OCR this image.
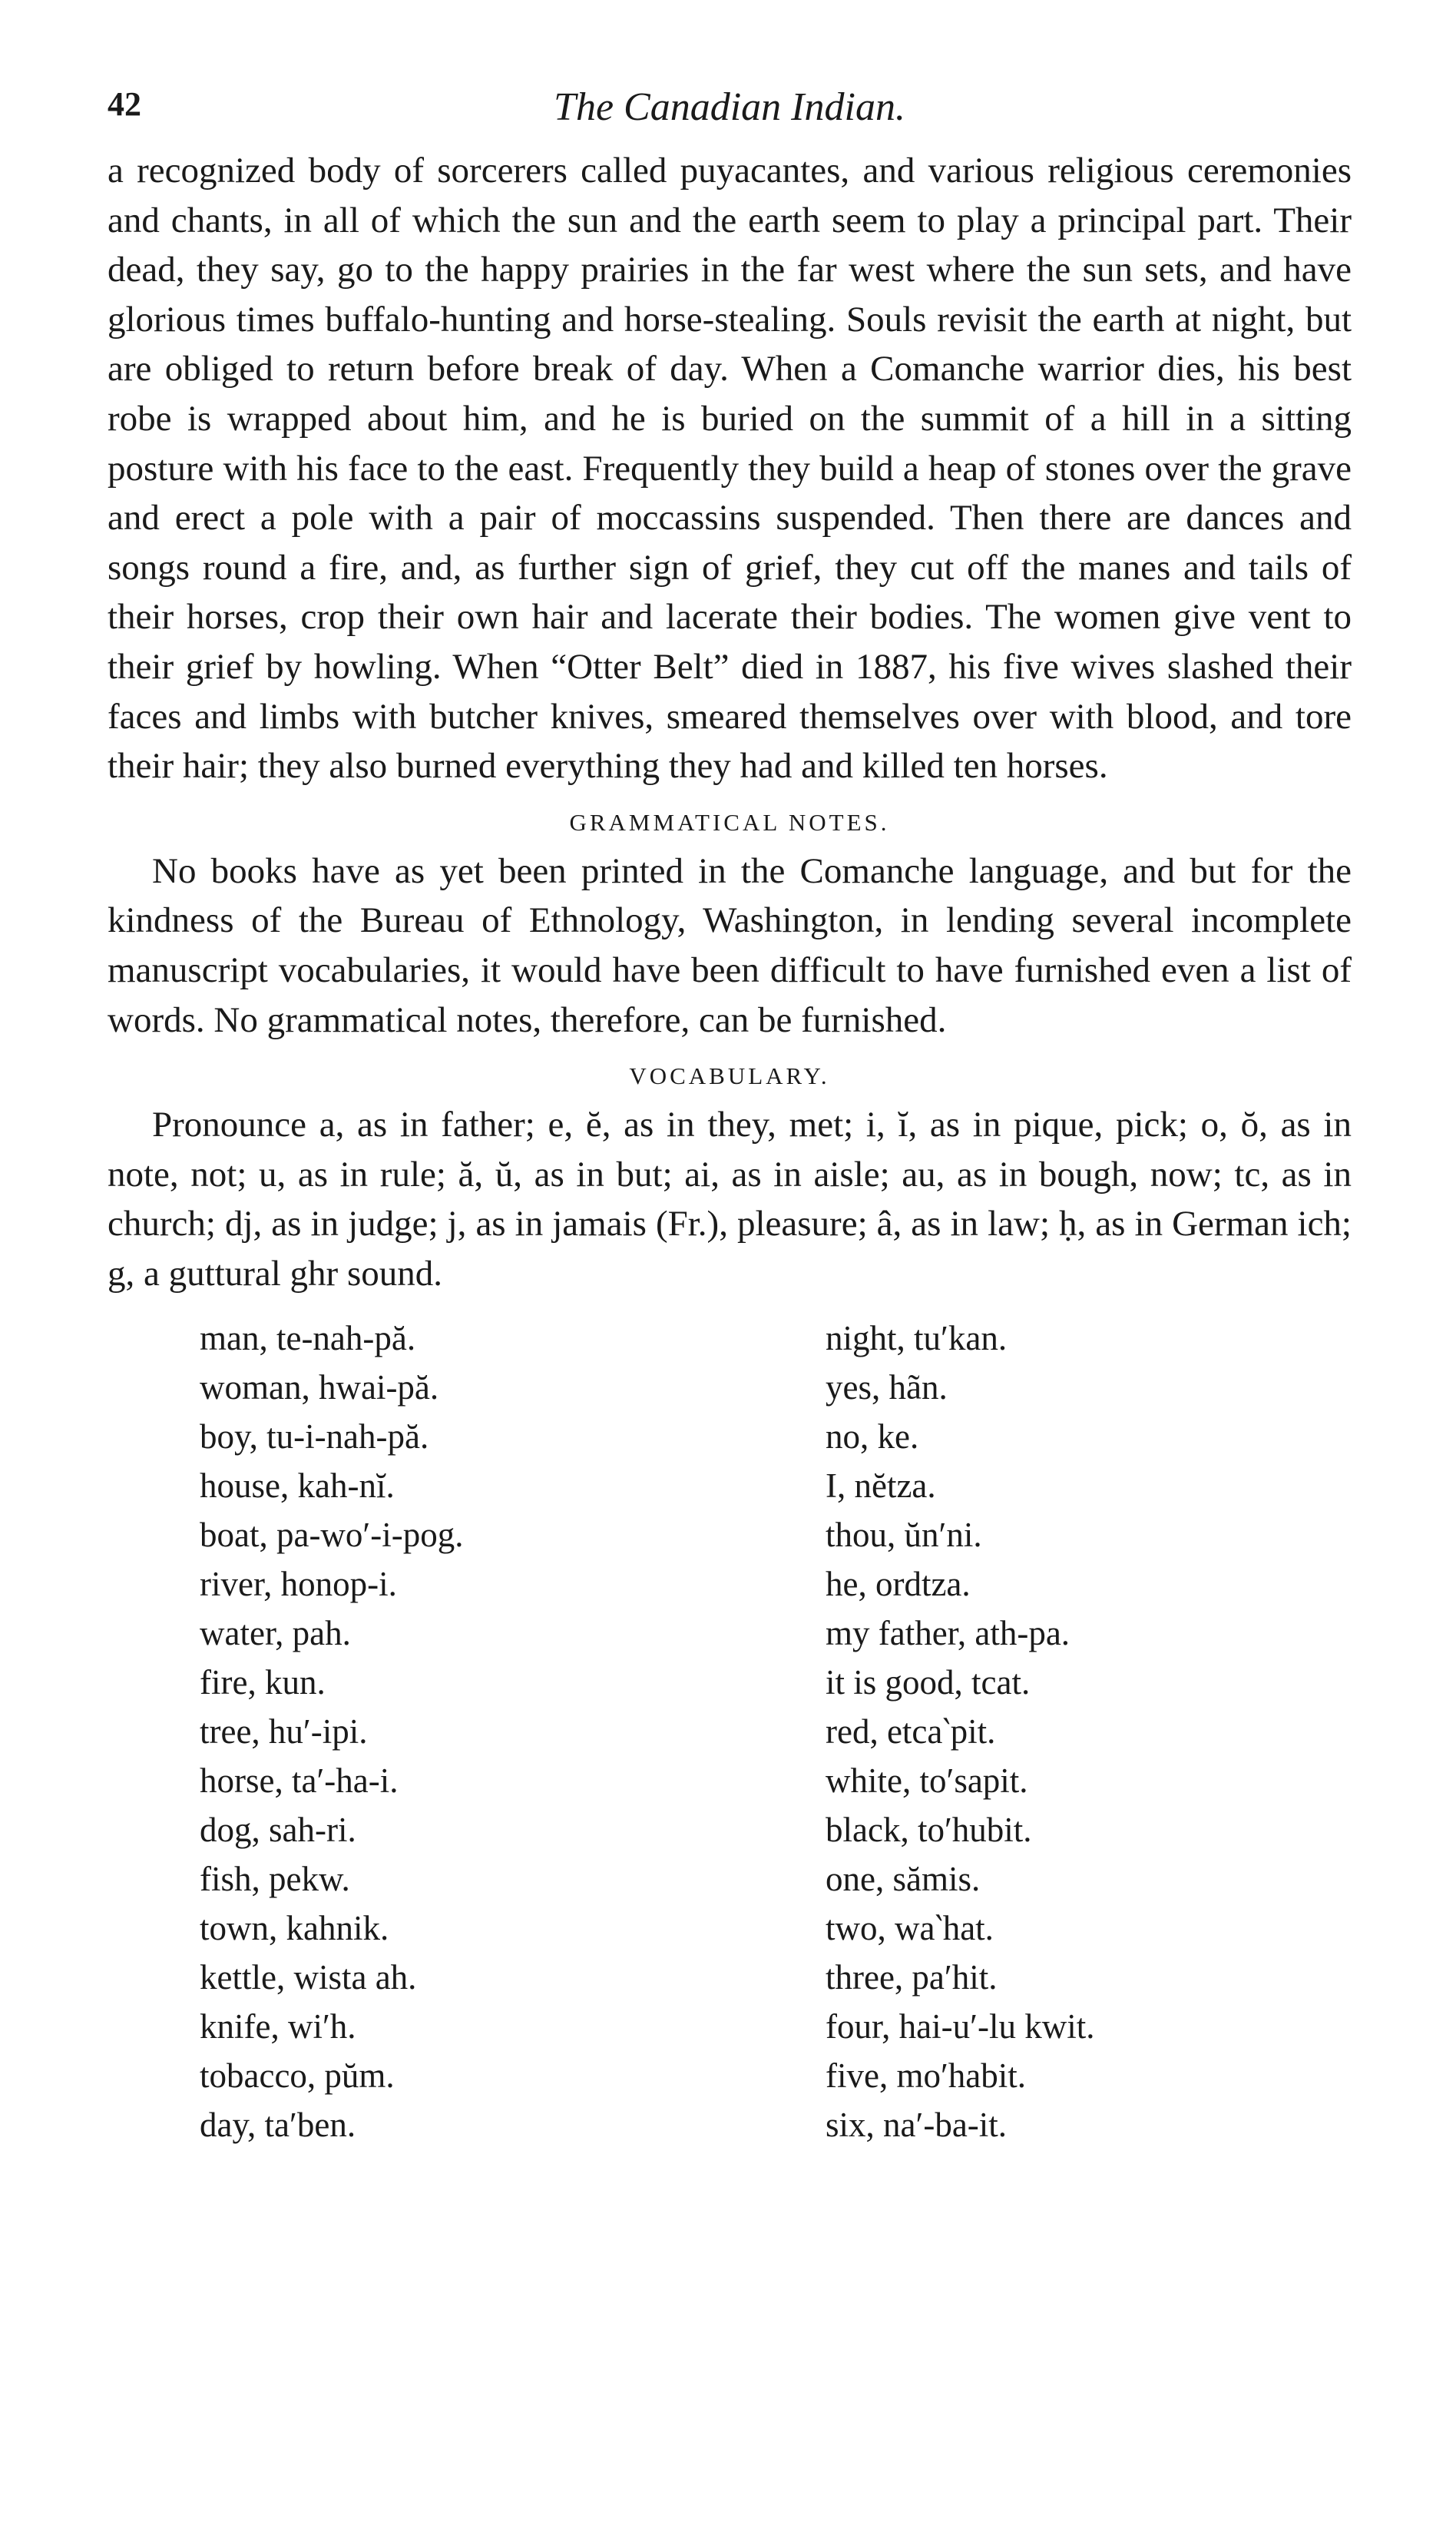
42	The Canadian Indian.

a recognized body of sorcerers called puyacantes, and various religious ceremonies and chants, in all of which the sun and the earth seem to play a principal part. Their dead, they say, go to the happy prairies in the far west where the sun sets, and have glorious times buffalo-hunting and horse-stealing. Souls revisit the earth at night, but are obliged to return before break of day. When a Comanche warrior dies, his best robe is wrapped about him, and he is buried on the summit of a hill in a sitting posture with his face to the east. Frequently they build a heap of stones over the grave and erect a pole with a pair of moccassins suspended. Then there are dances and songs round a fire, and, as further sign of grief, they cut off the manes and tails of their horses, crop their own hair and lacerate their bodies. The women give vent to their grief by howling. When “Otter Belt” died in 1887, his five wives slashed their faces and limbs with butcher knives, smeared themselves over with blood, and tore their hair; they also burned everything they had and killed ten horses.

GRAMMATICAL NOTES.

No books have as yet been printed in the Comanche language, and but for the kindness of the Bureau of Ethnology, Washington, in lending several incomplete manuscript vocabularies, it would have been difficult to have furnished even a list of words. No grammatical notes, therefore, can be furnished.

VOCABULARY.

Pronounce a, as in father; e, ĕ, as in they, met; i, ĭ, as in pique, pick; o, ŏ, as in note, not; u, as in rule; ă, ŭ, as in but; ai, as in aisle; au, as in bough, now; tc, as in church; dj, as in judge; j, as in jamais (Fr.), pleasure; â, as in law; ḥ, as in German ich; g, a guttural ghr sound.

man, te-nah-pă.
woman, hwai-pă.
boy, tu-i-nah-pă.
house, kah-nĭ.
boat, pa-wo′-i-pog.
river, honop-i.
water, pah.
fire, kun.
tree, hu′-ipi.
horse, ta′-ha-i.
dog, sah-ri.
fish, pekw.
town, kahnik.
kettle, wista ah.
knife, wi′h.
tobacco, pŭm.
day, ta′ben.
night, tu′kan.
yes, hãn.
no, ke.
I, nĕtza.
thou, ŭn′ni.
he, ordtza.
my father, ath-pa.
it is good, tcat.
red, etca‵pit.
white, to′sapit.
black, to′hubit.
one, sămis.
two, wa‵hat.
three, pa′hit.
four, hai-u′-lu kwit.
five, mo′habit.
six, na′-ba-it.
